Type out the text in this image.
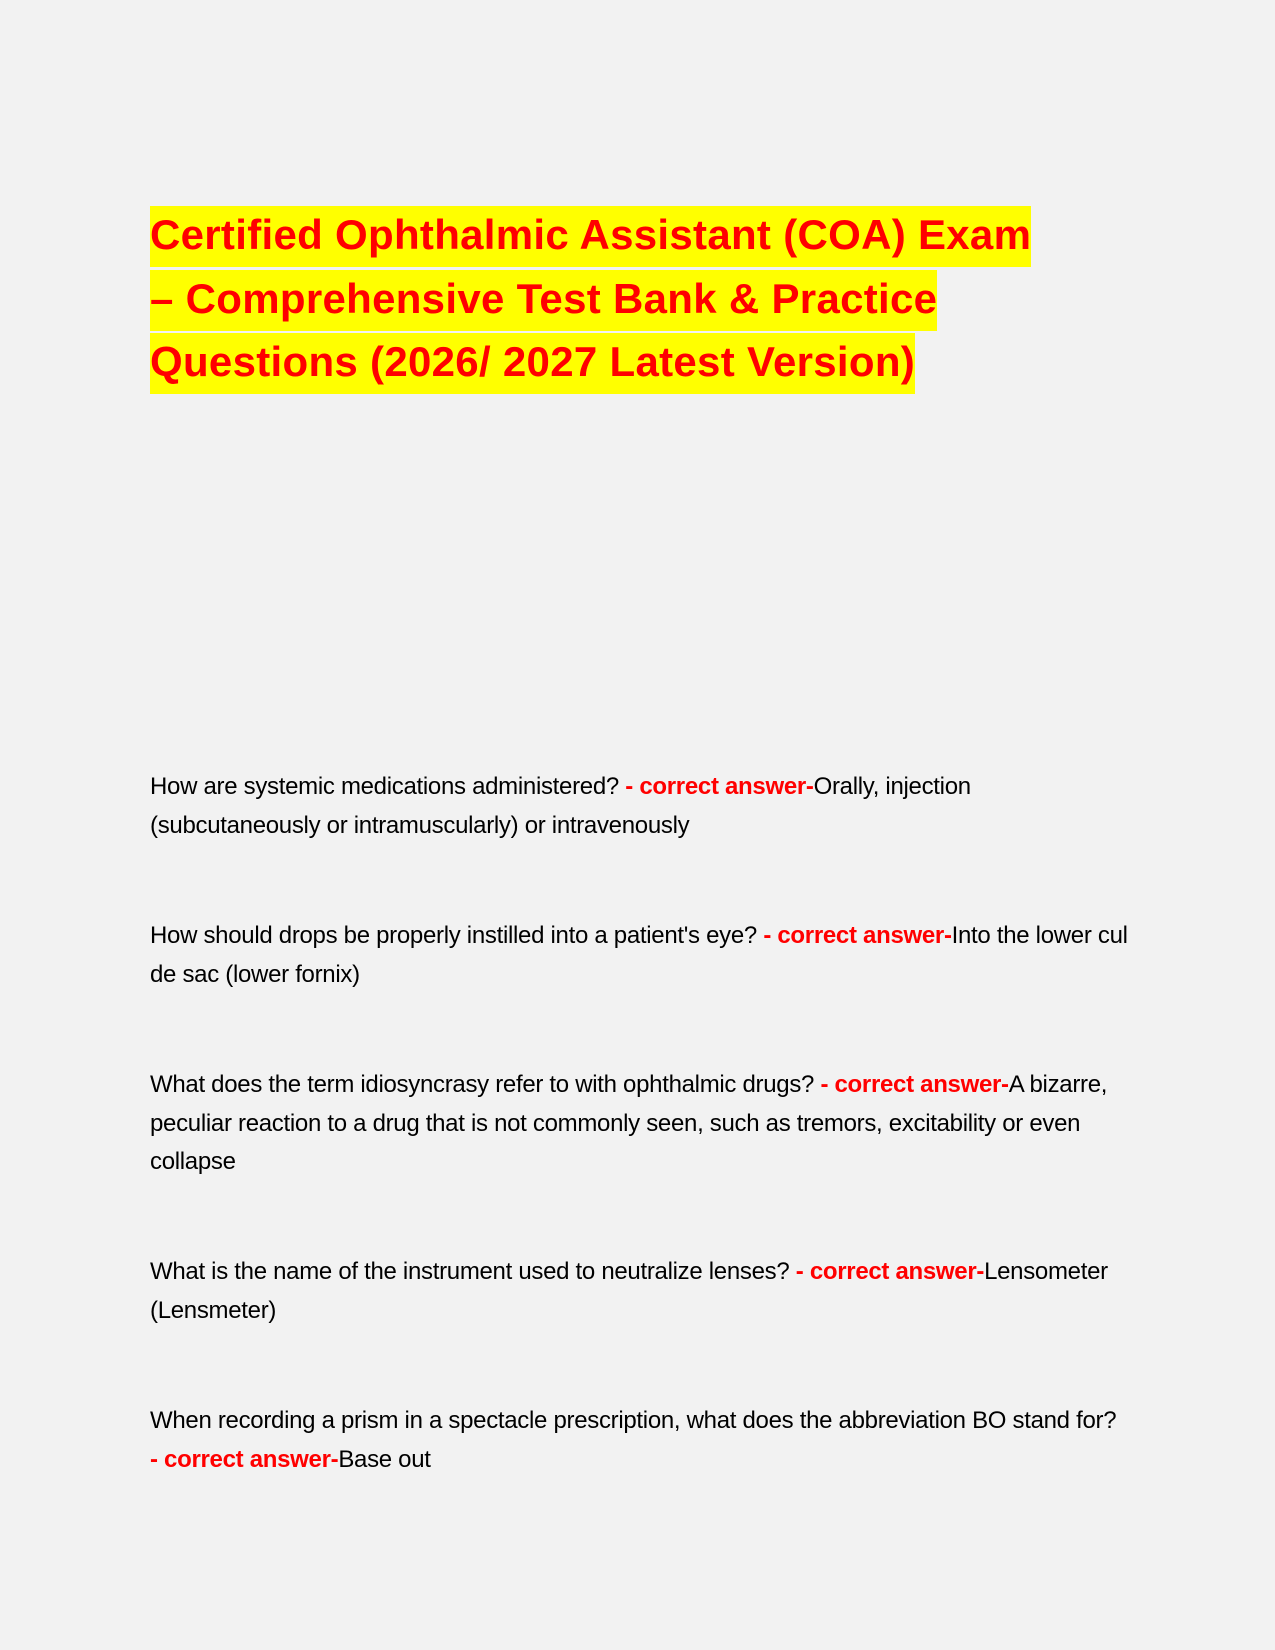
Certified Ophthalmic Assistant (COA) Exam – Comprehensive Test Bank & Practice Questions (2026/ 2027 Latest Version)

How are systemic medications administered? - correct answer-Orally, injection (subcutaneously or intramuscularly) or intravenously

How should drops be properly instilled into a patient's eye? - correct answer-Into the lower cul de sac (lower fornix)

What does the term idiosyncrasy refer to with ophthalmic drugs? - correct answer-A bizarre, peculiar reaction to a drug that is not commonly seen, such as tremors, excitability or even collapse

What is the name of the instrument used to neutralize lenses? - correct answer-Lensometer (Lensmeter)

When recording a prism in a spectacle prescription, what does the abbreviation BO stand for? - correct answer-Base out
